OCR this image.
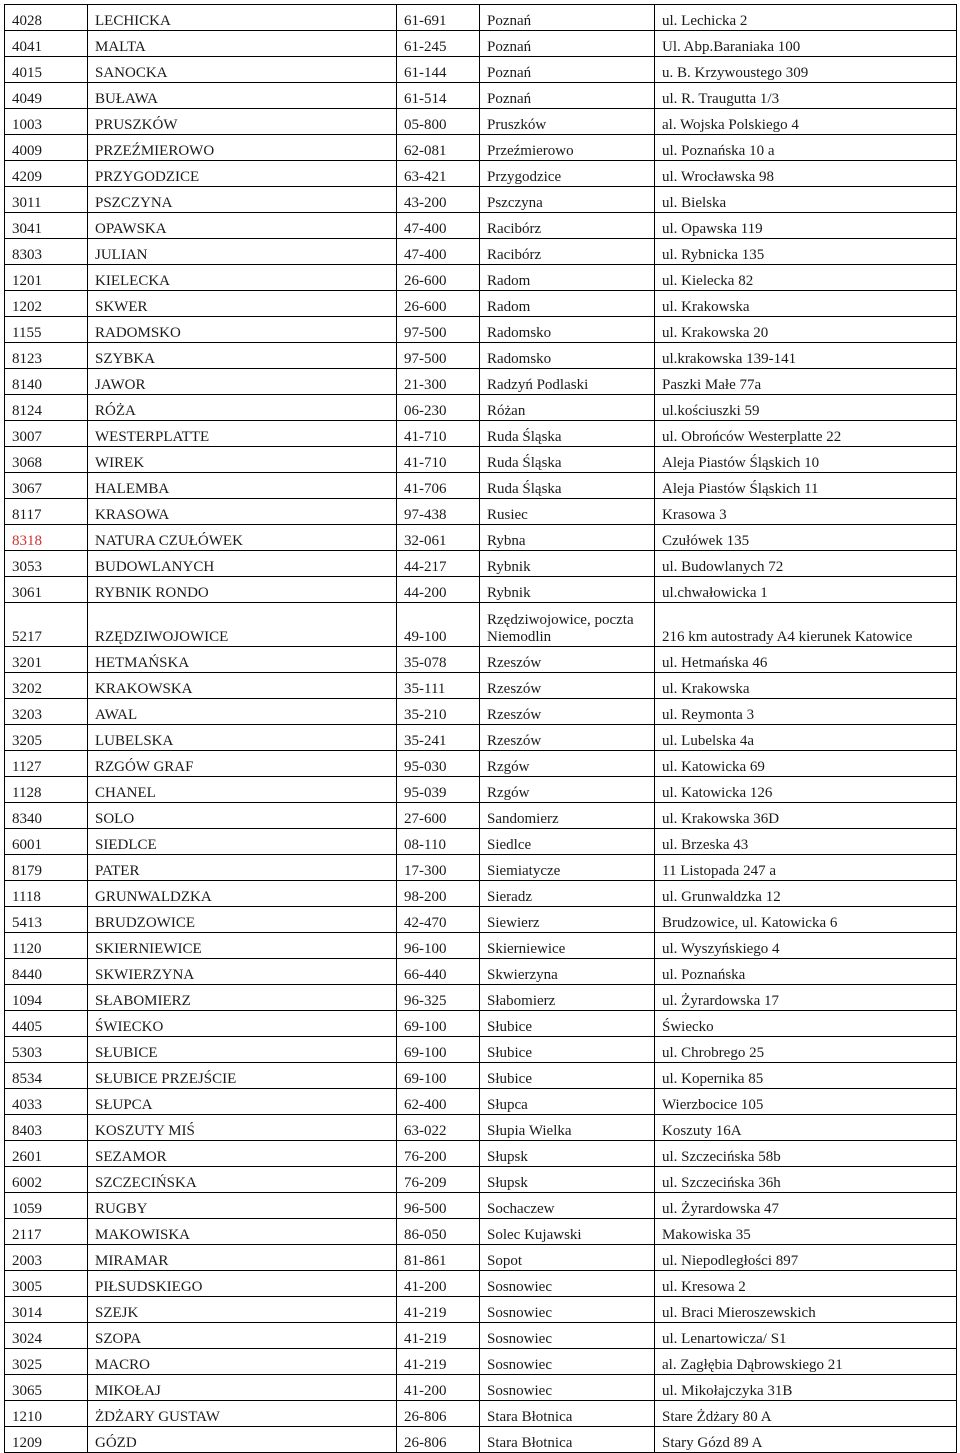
4028	LECHICKA	61-691	Poznań	ul. Lechicka 2
4041	MALTA	61-245	Poznań	Ul. Abp.Baraniaka 100
4015	SANOCKA	61-144	Poznań	u. B. Krzywoustego 309
4049	BUŁAWA	61-514	Poznań	ul. R. Traugutta 1/3
1003	PRUSZKÓW	05-800	Pruszków	al. Wojska Polskiego 4
4009	PRZEŹMIEROWO	62-081	Przeźmierowo	ul. Poznańska 10 a
4209	PRZYGODZICE	63-421	Przygodzice	ul. Wrocławska 98
3011	PSZCZYNA	43-200	Pszczyna	ul. Bielska
3041	OPAWSKA	47-400	Racibórz	ul. Opawska 119
8303	JULIAN	47-400	Racibórz	ul. Rybnicka 135
1201	KIELECKA	26-600	Radom	ul. Kielecka 82
1202	SKWER	26-600	Radom	ul. Krakowska
1155	RADOMSKO	97-500	Radomsko	ul. Krakowska 20
8123	SZYBKA	97-500	Radomsko	ul.krakowska 139-141
8140	JAWOR	21-300	Radzyń Podlaski	Paszki Małe 77a
8124	RÓŻA	06-230	Różan	ul.kościuszki 59
3007	WESTERPLATTE	41-710	Ruda Śląska	ul. Obrońców Westerplatte 22
3068	WIREK	41-710	Ruda Śląska	Aleja Piastów Śląskich 10
3067	HALEMBA	41-706	Ruda Śląska	Aleja Piastów Śląskich 11
8117	KRASOWA	97-438	Rusiec	Krasowa 3
8318	NATURA CZUŁÓWEK	32-061	Rybna	Czułówek 135
3053	BUDOWLANYCH	44-217	Rybnik	ul. Budowlanych 72
3061	RYBNIK RONDO	44-200	Rybnik	ul.chwałowicka 1
5217	RZĘDZIWOJOWICE	49-100	Rzędziwojowice, poczta Niemodlin	216 km autostrady A4 kierunek Katowice
3201	HETMAŃSKA	35-078	Rzeszów	ul. Hetmańska 46
3202	KRAKOWSKA	35-111	Rzeszów	ul. Krakowska
3203	AWAL	35-210	Rzeszów	ul. Reymonta 3
3205	LUBELSKA	35-241	Rzeszów	ul. Lubelska 4a
1127	RZGÓW GRAF	95-030	Rzgów	ul. Katowicka 69
1128	CHANEL	95-039	Rzgów	ul. Katowicka 126
8340	SOLO	27-600	Sandomierz	ul. Krakowska 36D
6001	SIEDLCE	08-110	Siedlce	ul. Brzeska 43
8179	PATER	17-300	Siemiatycze	11 Listopada 247 a
1118	GRUNWALDZKA	98-200	Sieradz	ul. Grunwaldzka 12
5413	BRUDZOWICE	42-470	Siewierz	Brudzowice, ul. Katowicka 6
1120	SKIERNIEWICE	96-100	Skierniewice	ul. Wyszyńskiego 4
8440	SKWIERZYNA	66-440	Skwierzyna	ul. Poznańska
1094	SŁABOMIERZ	96-325	Słabomierz	ul. Żyrardowska 17
4405	ŚWIECKO	69-100	Słubice	Świecko
5303	SŁUBICE	69-100	Słubice	ul. Chrobrego 25
8534	SŁUBICE PRZEJŚCIE	69-100	Słubice	ul. Kopernika 85
4033	SŁUPCA	62-400	Słupca	Wierzbocice 105
8403	KOSZUTY MIŚ	63-022	Słupia Wielka	Koszuty 16A
2601	SEZAMOR	76-200	Słupsk	ul. Szczecińska 58b
6002	SZCZECIŃSKA	76-209	Słupsk	ul. Szczecińska 36h
1059	RUGBY	96-500	Sochaczew	ul. Żyrardowska 47
2117	MAKOWISKA	86-050	Solec Kujawski	Makowiska 35
2003	MIRAMAR	81-861	Sopot	ul. Niepodległości 897
3005	PIŁSUDSKIEGO	41-200	Sosnowiec	ul. Kresowa 2
3014	SZEJK	41-219	Sosnowiec	ul. Braci Mieroszewskich
3024	SZOPA	41-219	Sosnowiec	ul. Lenartowicza/ S1
3025	MACRO	41-219	Sosnowiec	al. Zagłębia Dąbrowskiego 21
3065	MIKOŁAJ	41-200	Sosnowiec	ul. Mikołajczyka 31B
1210	ŻDŻARY GUSTAW	26-806	Stara Błotnica	Stare Żdżary 80 A
1209	GÓZD	26-806	Stara Błotnica	Stary Gózd 89 A
